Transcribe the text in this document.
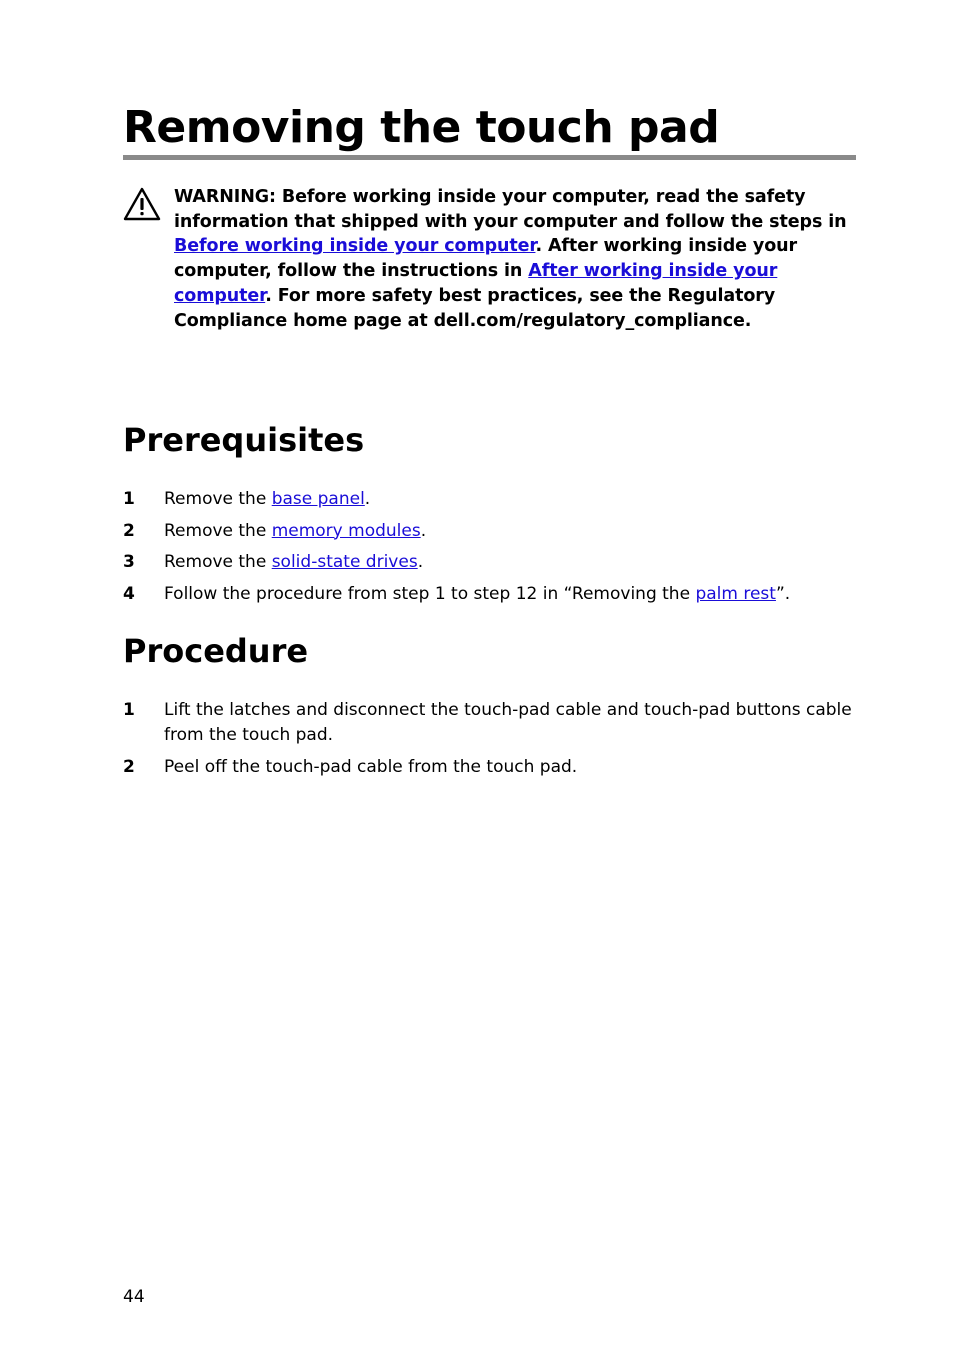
Removing the touch pad
WARNING: Before working inside your computer, read the safety information that shipped with your computer and follow the steps in Before working inside your computer. After working inside your computer, follow the instructions in After working inside your computer. For more safety best practices, see the Regulatory Compliance home page at dell.com/regulatory_compliance.
Prerequisites
1 Remove the base panel.
2 Remove the memory modules.
3 Remove the solid-state drives.
4 Follow the procedure from step 1 to step 12 in “Removing the palm rest”.
Procedure
1 Lift the latches and disconnect the touch-pad cable and touch-pad buttons cable from the touch pad.
2 Peel off the touch-pad cable from the touch pad.
44
